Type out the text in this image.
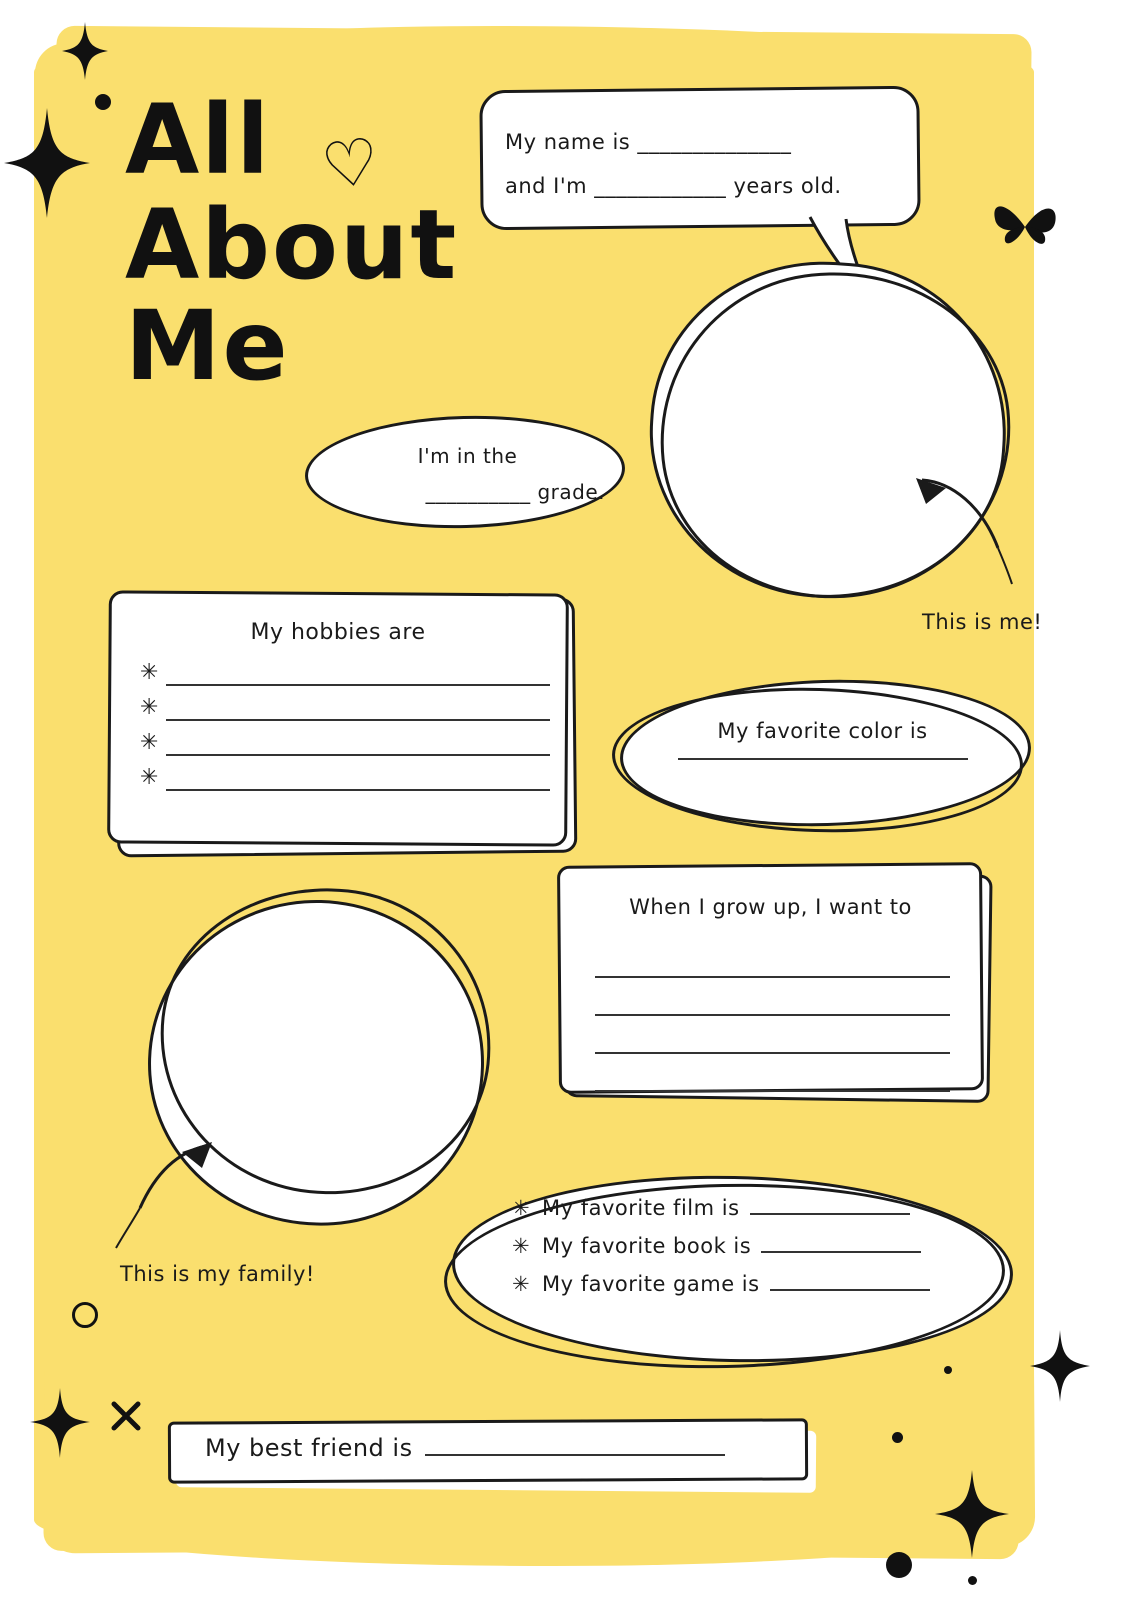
All
About
Me
♡	My name is ______________
and I'm ____________ years old.
I'm in the
__________ grade.
This is me!
My hobbies are
✳
✳
✳
✳
My favorite color is
When I grow up, I want to
This is my family!
✳ My favorite film is
✳ My favorite book is
✳ My favorite game is
My best friend is
